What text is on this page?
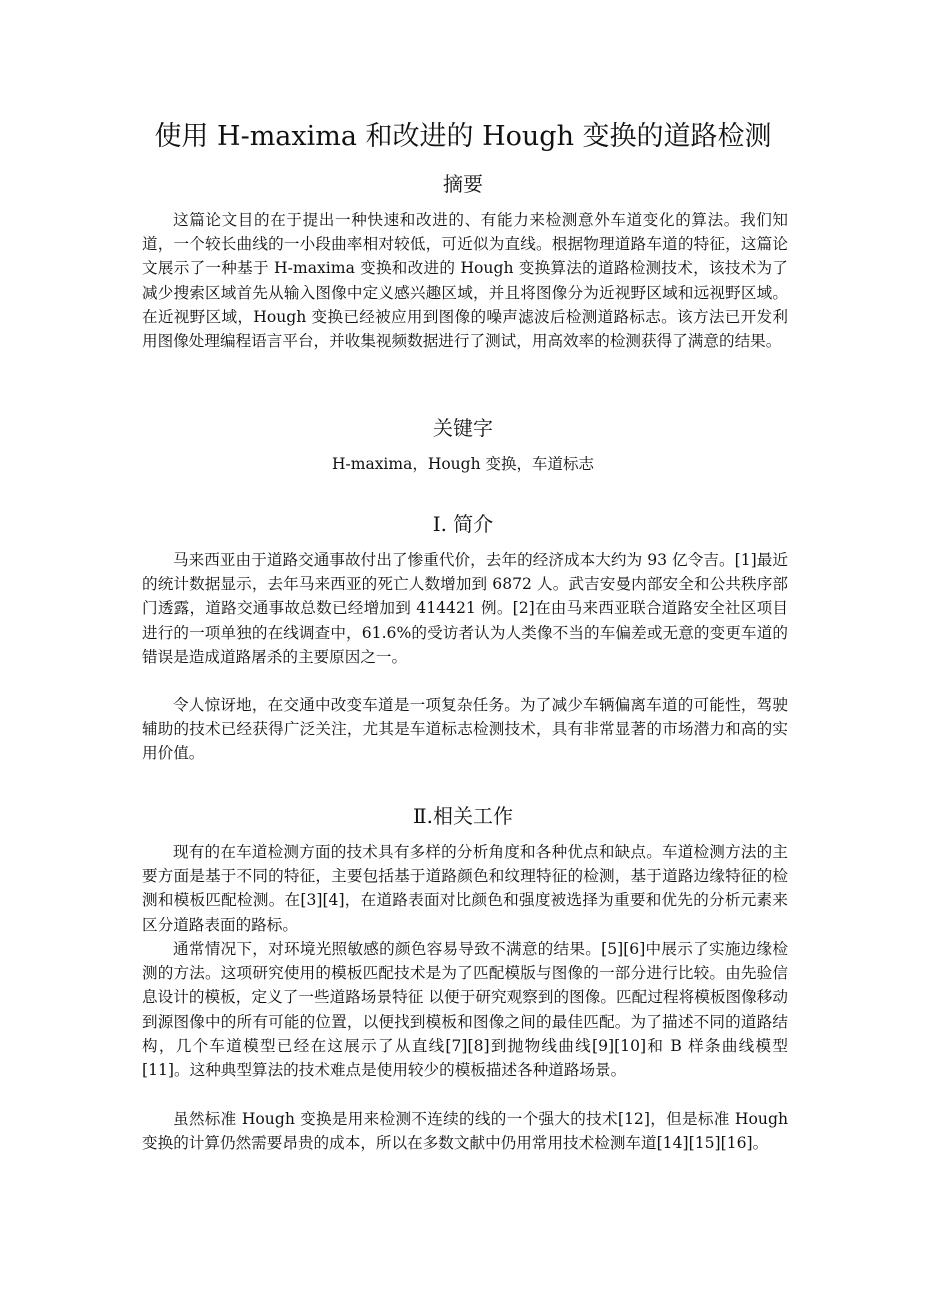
使用 H-maxima 和改进的 Hough 变换的道路检测
摘要

这篇论文目的在于提出一种快速和改进的、有能力来检测意外车道变化的算法。我们知道，一个较长曲线的一小段曲率相对较低，可近似为直线。根据物理道路车道的特征，这篇论文展示了一种基于 H-maxima 变换和改进的 Hough 变换算法的道路检测技术，该技术为了减少搜索区域首先从输入图像中定义感兴趣区域，并且将图像分为近视野区域和远视野区域。在近视野区域，Hough 变换已经被应用到图像的噪声滤波后检测道路标志。该方法已开发利用图像处理编程语言平台，并收集视频数据进行了测试，用高效率的检测获得了满意的结果。

关键字
H-maxima，Hough 变换，车道标志
Ⅰ. 简介

马来西亚由于道路交通事故付出了惨重代价，去年的经济成本大约为 93 亿令吉。[1]最近的统计数据显示，去年马来西亚的死亡人数增加到 6872 人。武吉安曼内部安全和公共秩序部门透露，道路交通事故总数已经增加到 414421 例。[2]在由马来西亚联合道路安全社区项目进行的一项单独的在线调查中，61.6%的受访者认为人类像不当的车偏差或无意的变更车道的错误是造成道路屠杀的主要原因之一。

令人惊讶地，在交通中改变车道是一项复杂任务。为了减少车辆偏离车道的可能性，驾驶辅助的技术已经获得广泛关注，尤其是车道标志检测技术，具有非常显著的市场潜力和高的实用价值。

Ⅱ.相关工作

现有的在车道检测方面的技术具有多样的分析角度和各种优点和缺点。车道检测方法的主要方面是基于不同的特征，主要包括基于道路颜色和纹理特征的检测，基于道路边缘特征的检测和模板匹配检测。在[3][4]，在道路表面对比颜色和强度被选择为重要和优先的分析元素来区分道路表面的路标。

通常情况下，对环境光照敏感的颜色容易导致不满意的结果。[5][6]中展示了实施边缘检测的方法。这项研究使用的模板匹配技术是为了匹配模版与图像的一部分进行比较。由先验信息设计的模板，定义了一些道路场景特征 以便于研究观察到的图像。匹配过程将模板图像移动到源图像中的所有可能的位置，以便找到模板和图像之间的最佳匹配。为了描述不同的道路结构，几个车道模型已经在这展示了从直线[7][8]到抛物线曲线[9][10]和 B 样条曲线模型[11]。这种典型算法的技术难点是使用较少的模板描述各种道路场景。

虽然标准 Hough 变换是用来检测不连续的线的一个强大的技术[12]，但是标准 Hough 变换的计算仍然需要昂贵的成本，所以在多数文献中仍用常用技术检测车道[14][15][16]。
